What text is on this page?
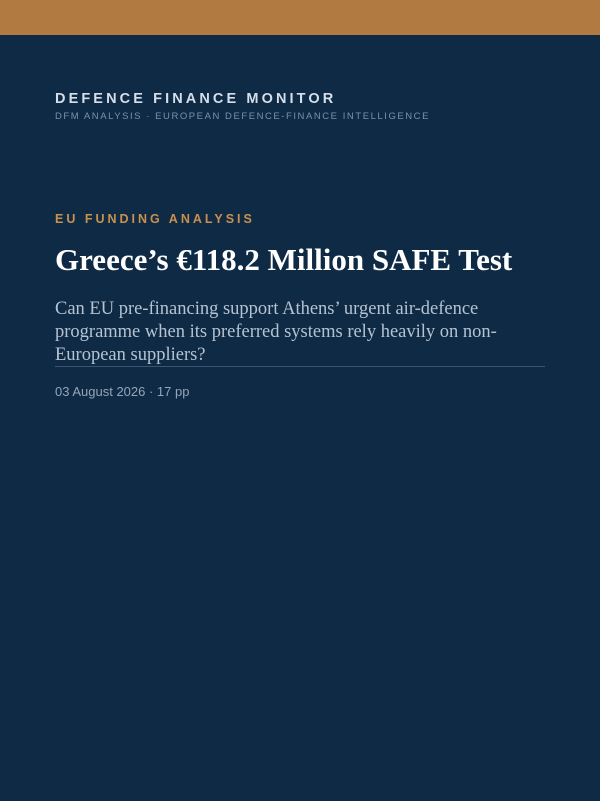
DEFENCE FINANCE MONITOR
DFM ANALYSIS · EUROPEAN DEFENCE-FINANCE INTELLIGENCE
EU FUNDING ANALYSIS
Greece’s €118.2 Million SAFE Test

Can EU pre-financing support Athens’ urgent air-defence programme when its preferred systems rely heavily on non-European suppliers?

03 August 2026 · 17 pp
